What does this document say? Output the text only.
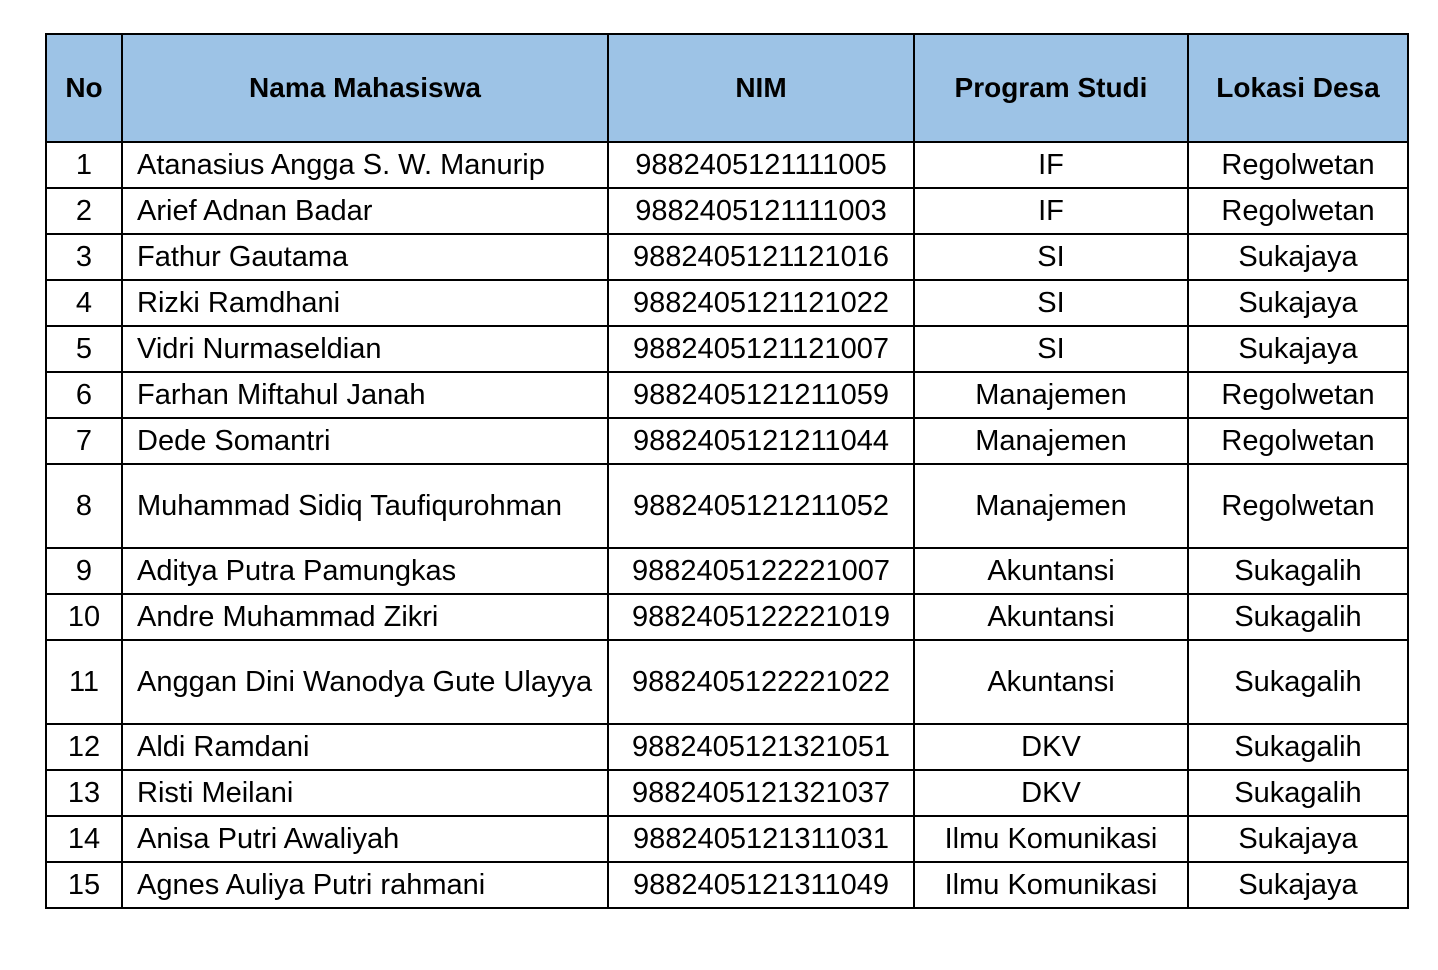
No	Nama Mahasiswa	NIM	Program Studi	Lokasi Desa
1	Atanasius Angga S. W. Manurip	9882405121111005	IF	Regolwetan
2	Arief Adnan Badar	9882405121111003	IF	Regolwetan
3	Fathur Gautama	9882405121121016	SI	Sukajaya
4	Rizki Ramdhani	9882405121121022	SI	Sukajaya
5	Vidri Nurmaseldian	9882405121121007	SI	Sukajaya
6	Farhan Miftahul Janah	9882405121211059	Manajemen	Regolwetan
7	Dede Somantri	9882405121211044	Manajemen	Regolwetan
8	Muhammad Sidiq Taufiqurohman	9882405121211052	Manajemen	Regolwetan
9	Aditya Putra Pamungkas	9882405122221007	Akuntansi	Sukagalih
10	Andre Muhammad Zikri	9882405122221019	Akuntansi	Sukagalih
11	Anggan Dini Wanodya Gute Ulayya	9882405122221022	Akuntansi	Sukagalih
12	Aldi Ramdani	9882405121321051	DKV	Sukagalih
13	Risti Meilani	9882405121321037	DKV	Sukagalih
14	Anisa Putri Awaliyah	9882405121311031	Ilmu Komunikasi	Sukajaya
15	Agnes Auliya Putri rahmani	9882405121311049	Ilmu Komunikasi	Sukajaya
